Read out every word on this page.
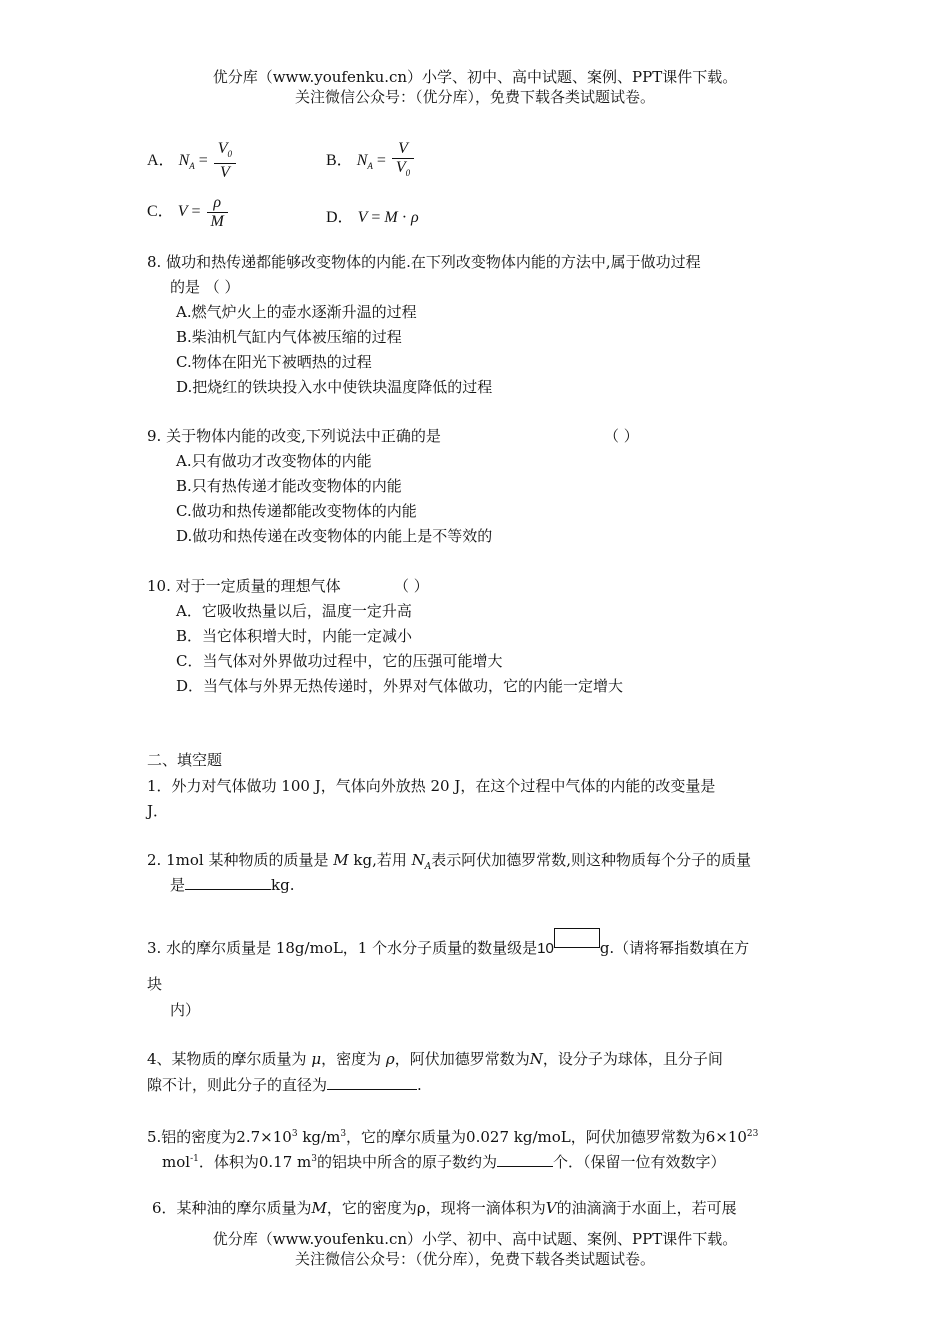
优分库（www.youfenku.cn）小学、初中、高中试题、案例、PPT课件下载。
关注微信公众号：（优分库），免费下载各类试题试卷。
A． $N_A = \frac{V_0}{V}$	B． $N_A = \frac{V}{V_0}$
C． $V = \frac{\rho}{M}$	D． V = M · ρ
8. 做功和热传递都能够改变物体的内能.在下列改变物体内能的方法中,属于做功过程
的是 （ ）
A.燃气炉火上的壶水逐渐升温的过程
B.柴油机气缸内气体被压缩的过程
C.物体在阳光下被晒热的过程
D.把烧红的铁块投入水中使铁块温度降低的过程
9. 关于物体内能的改变,下列说法中正确的是	（ ）
A.只有做功才改变物体的内能
B.只有热传递才能改变物体的内能
C.做功和热传递都能改变物体的内能
D.做功和热传递在改变物体的内能上是不等效的
10. 对于一定质量的理想气体	（ ）
A．它吸收热量以后，温度一定升高
B．当它体积增大时，内能一定减小
C．当气体对外界做功过程中，它的压强可能增大
D．当气体与外界无热传递时，外界对气体做功，它的内能一定增大
二、填空题
1．外力对气体做功 100 J，气体向外放热 20 J，在这个过程中气体的内能的改变量是
J．
2. 1mol 某种物质的质量是 M kg,若用 $N_A$表示阿伏加德罗常数,则这种物质每个分子的质量
是	kg.
3. 水的摩尔质量是 18g/moL，1 个水分子质量的数量级是10	g.（请将幂指数填在方
块
内）
4、某物质的摩尔质量为 μ，密度为 ρ，阿伏加德罗常数为N，设分子为球体，且分子间
隙不计，则此分子的直径为	.
5.铝的密度为$2.7\times 10^3$ $kg/m^3$，它的摩尔质量为0.027 kg/moL，阿伏加德罗常数为$6\times 10^{23}$
mol$^{-1}$．体积为0.17 $m^3$的铝块中所含的原子数约为	个．（保留一位有效数字）
6．某种油的摩尔质量为M，它的密度为ρ，现将一滴体积为V的油滴滴于水面上，若可展
优分库（www.youfenku.cn）小学、初中、高中试题、案例、PPT课件下载。
关注微信公众号：（优分库），免费下载各类试题试卷。
